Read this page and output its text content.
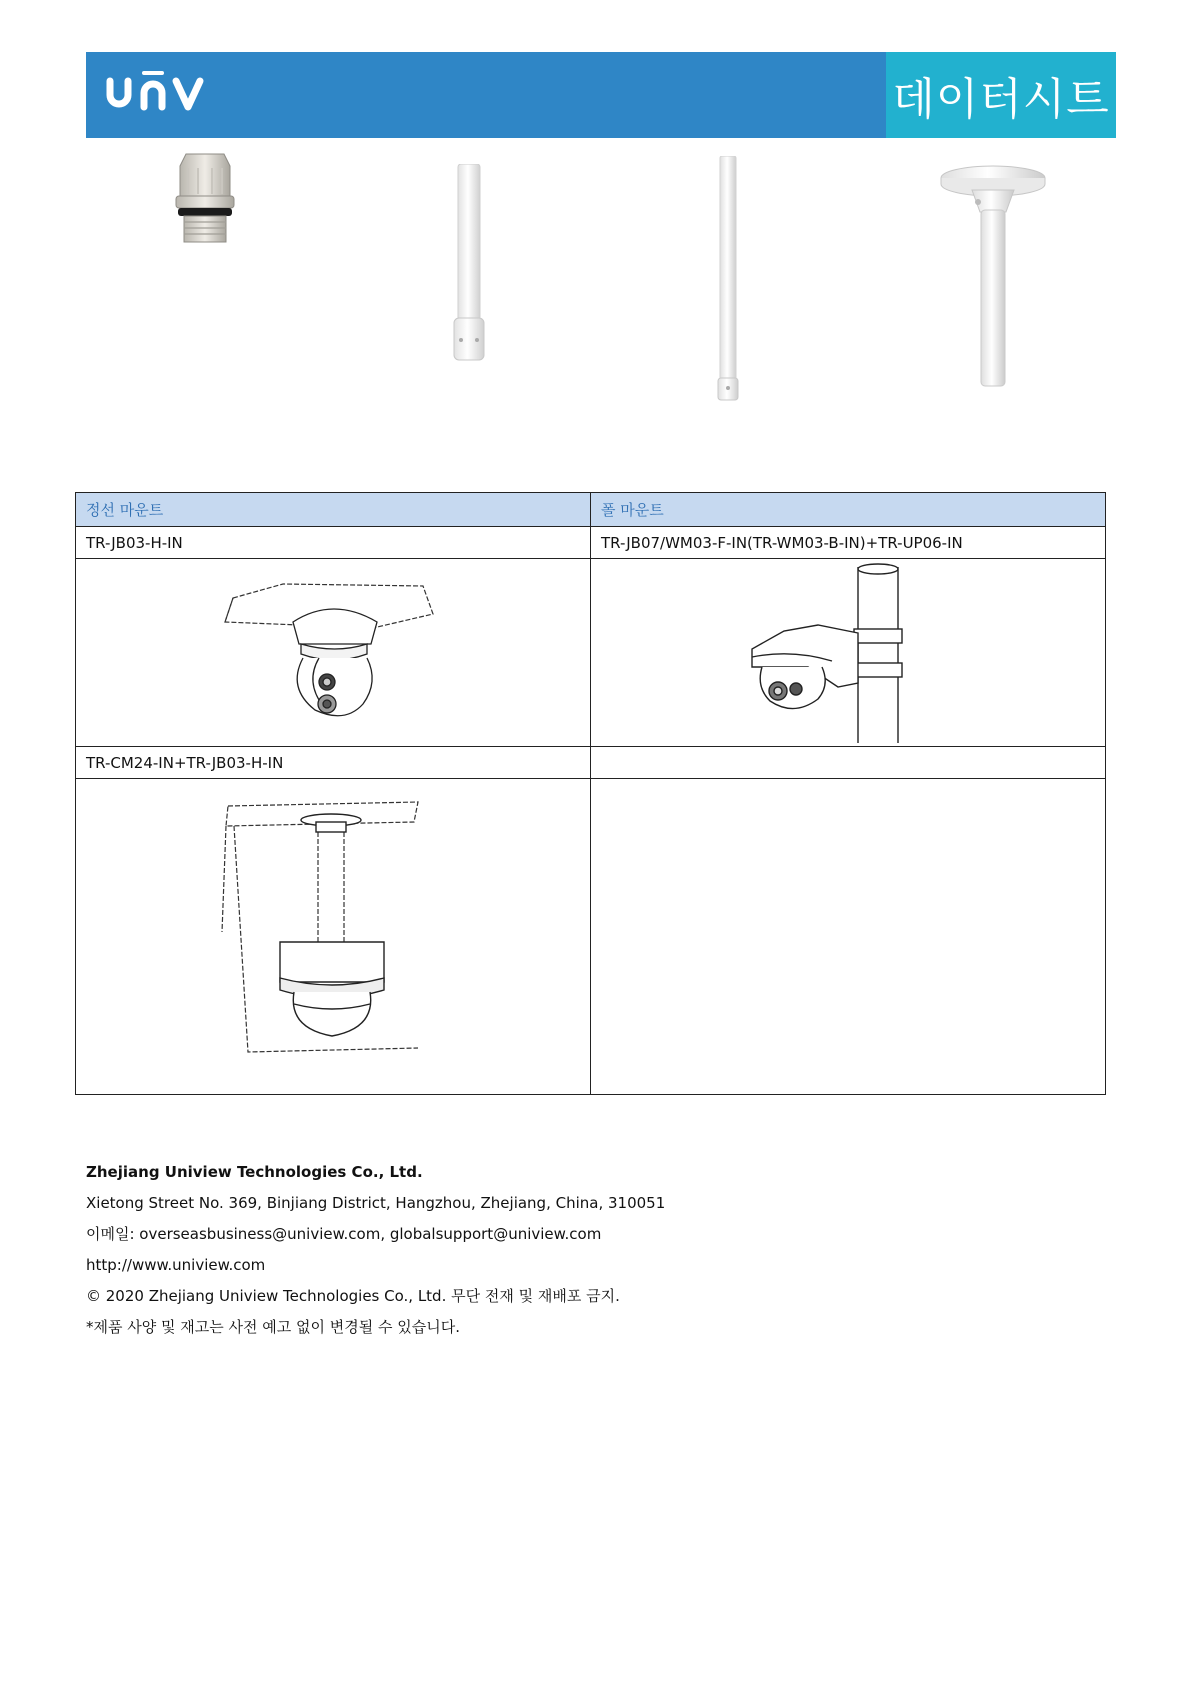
데이터시트
정선 마운트	폴 마운트
TR-JB03-H-IN	TR-JB07/WM03-F-IN(TR-WM03-B-IN)+TR-UP06-IN

TR-CM24-IN+TR-JB03-H-IN	

Zhejiang Uniview Technologies Co., Ltd.
Xietong Street No. 369, Binjiang District, Hangzhou, Zhejiang, China, 310051
이메일: overseasbusiness@uniview.com, globalsupport@uniview.com
http://www.uniview.com
© 2020 Zhejiang Uniview Technologies Co., Ltd. 무단 전재 및 재배포 금지.
*제품 사양 및 재고는 사전 예고 없이 변경될 수 있습니다.
